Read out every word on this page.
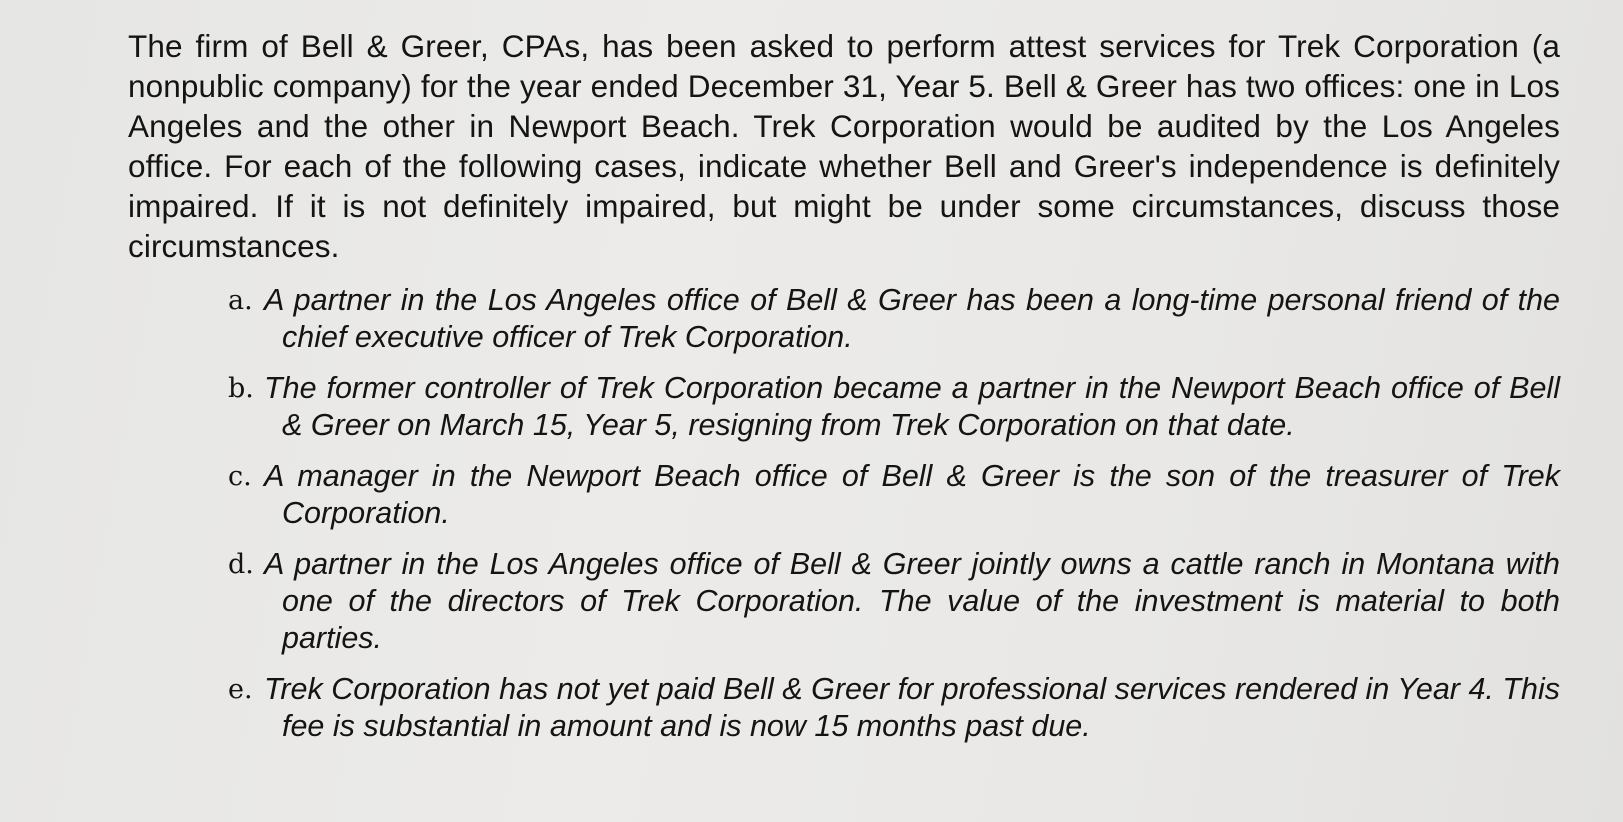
The firm of Bell & Greer, CPAs, has been asked to perform attest services for Trek Corporation (a nonpublic company) for the year ended December 31, Year 5. Bell & Greer has two offices: one in Los Angeles and the other in Newport Beach. Trek Corporation would be audited by the Los Angeles office. For each of the following cases, indicate whether Bell and Greer's independence is definitely impaired. If it is not definitely impaired, but might be under some circumstances, discuss those circumstances.

a. A partner in the Los Angeles office of Bell & Greer has been a long-time personal friend of the chief executive officer of Trek Corporation.

b. The former controller of Trek Corporation became a partner in the Newport Beach office of Bell & Greer on March 15, Year 5, resigning from Trek Corporation on that date.

c. A manager in the Newport Beach office of Bell & Greer is the son of the treasurer of Trek Corporation.

d. A partner in the Los Angeles office of Bell & Greer jointly owns a cattle ranch in Montana with one of the directors of Trek Corporation. The value of the investment is material to both parties.

e. Trek Corporation has not yet paid Bell & Greer for professional services rendered in Year 4. This fee is substantial in amount and is now 15 months past due.
